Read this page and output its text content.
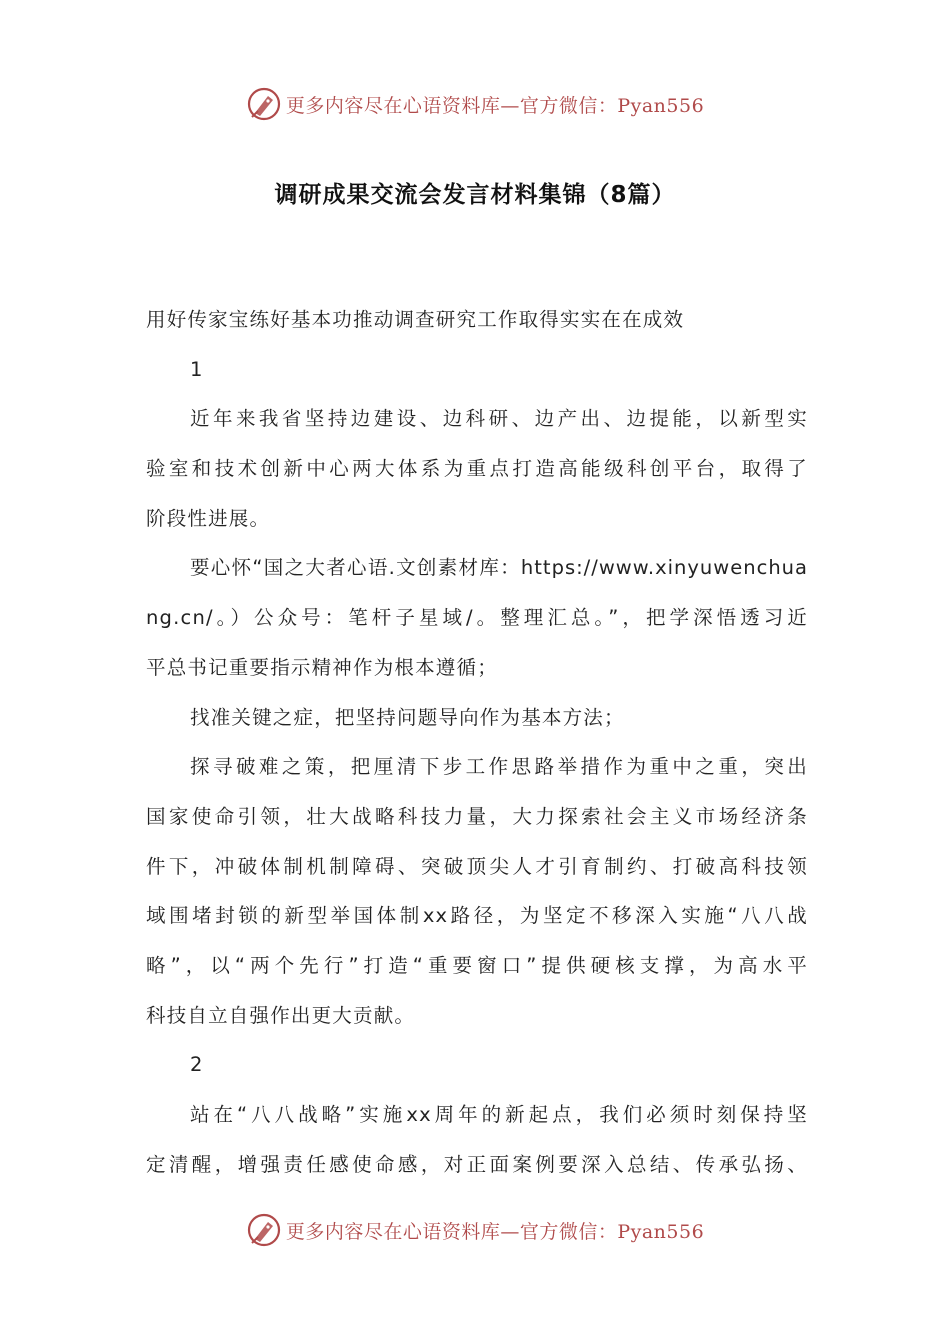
更多内容尽在心语资料库—官方微信：Pyan556
调研成果交流会发言材料集锦（8篇）
用好传家宝练好基本功推动调查研究工作取得实实在在成效
1
近年来我省坚持边建设、边科研、边产出、边提能，以新型实
验室和技术创新中心两大体系为重点打造高能级科创平台，取得了
阶段性进展。
要心怀“国之大者心语.文创素材库：https://www.xinyuwenchua
ng.cn/。）公众号：笔杆子星域/。整理汇总。”，把学深悟透习近
平总书记重要指示精神作为根本遵循；
找准关键之症，把坚持问题导向作为基本方法；
探寻破难之策，把厘清下步工作思路举措作为重中之重，突出
国家使命引领，壮大战略科技力量，大力探索社会主义市场经济条
件下，冲破体制机制障碍、突破顶尖人才引育制约、打破高科技领
域围堵封锁的新型举国体制xx路径，为坚定不移深入实施“八八战
略”，以“两个先行”打造“重要窗口”提供硬核支撑，为高水平
科技自立自强作出更大贡献。
2
站在“八八战略”实施xx周年的新起点，我们必须时刻保持坚
定清醒，增强责任感使命感，对正面案例要深入总结、传承弘扬、
更多内容尽在心语资料库—官方微信：Pyan556
